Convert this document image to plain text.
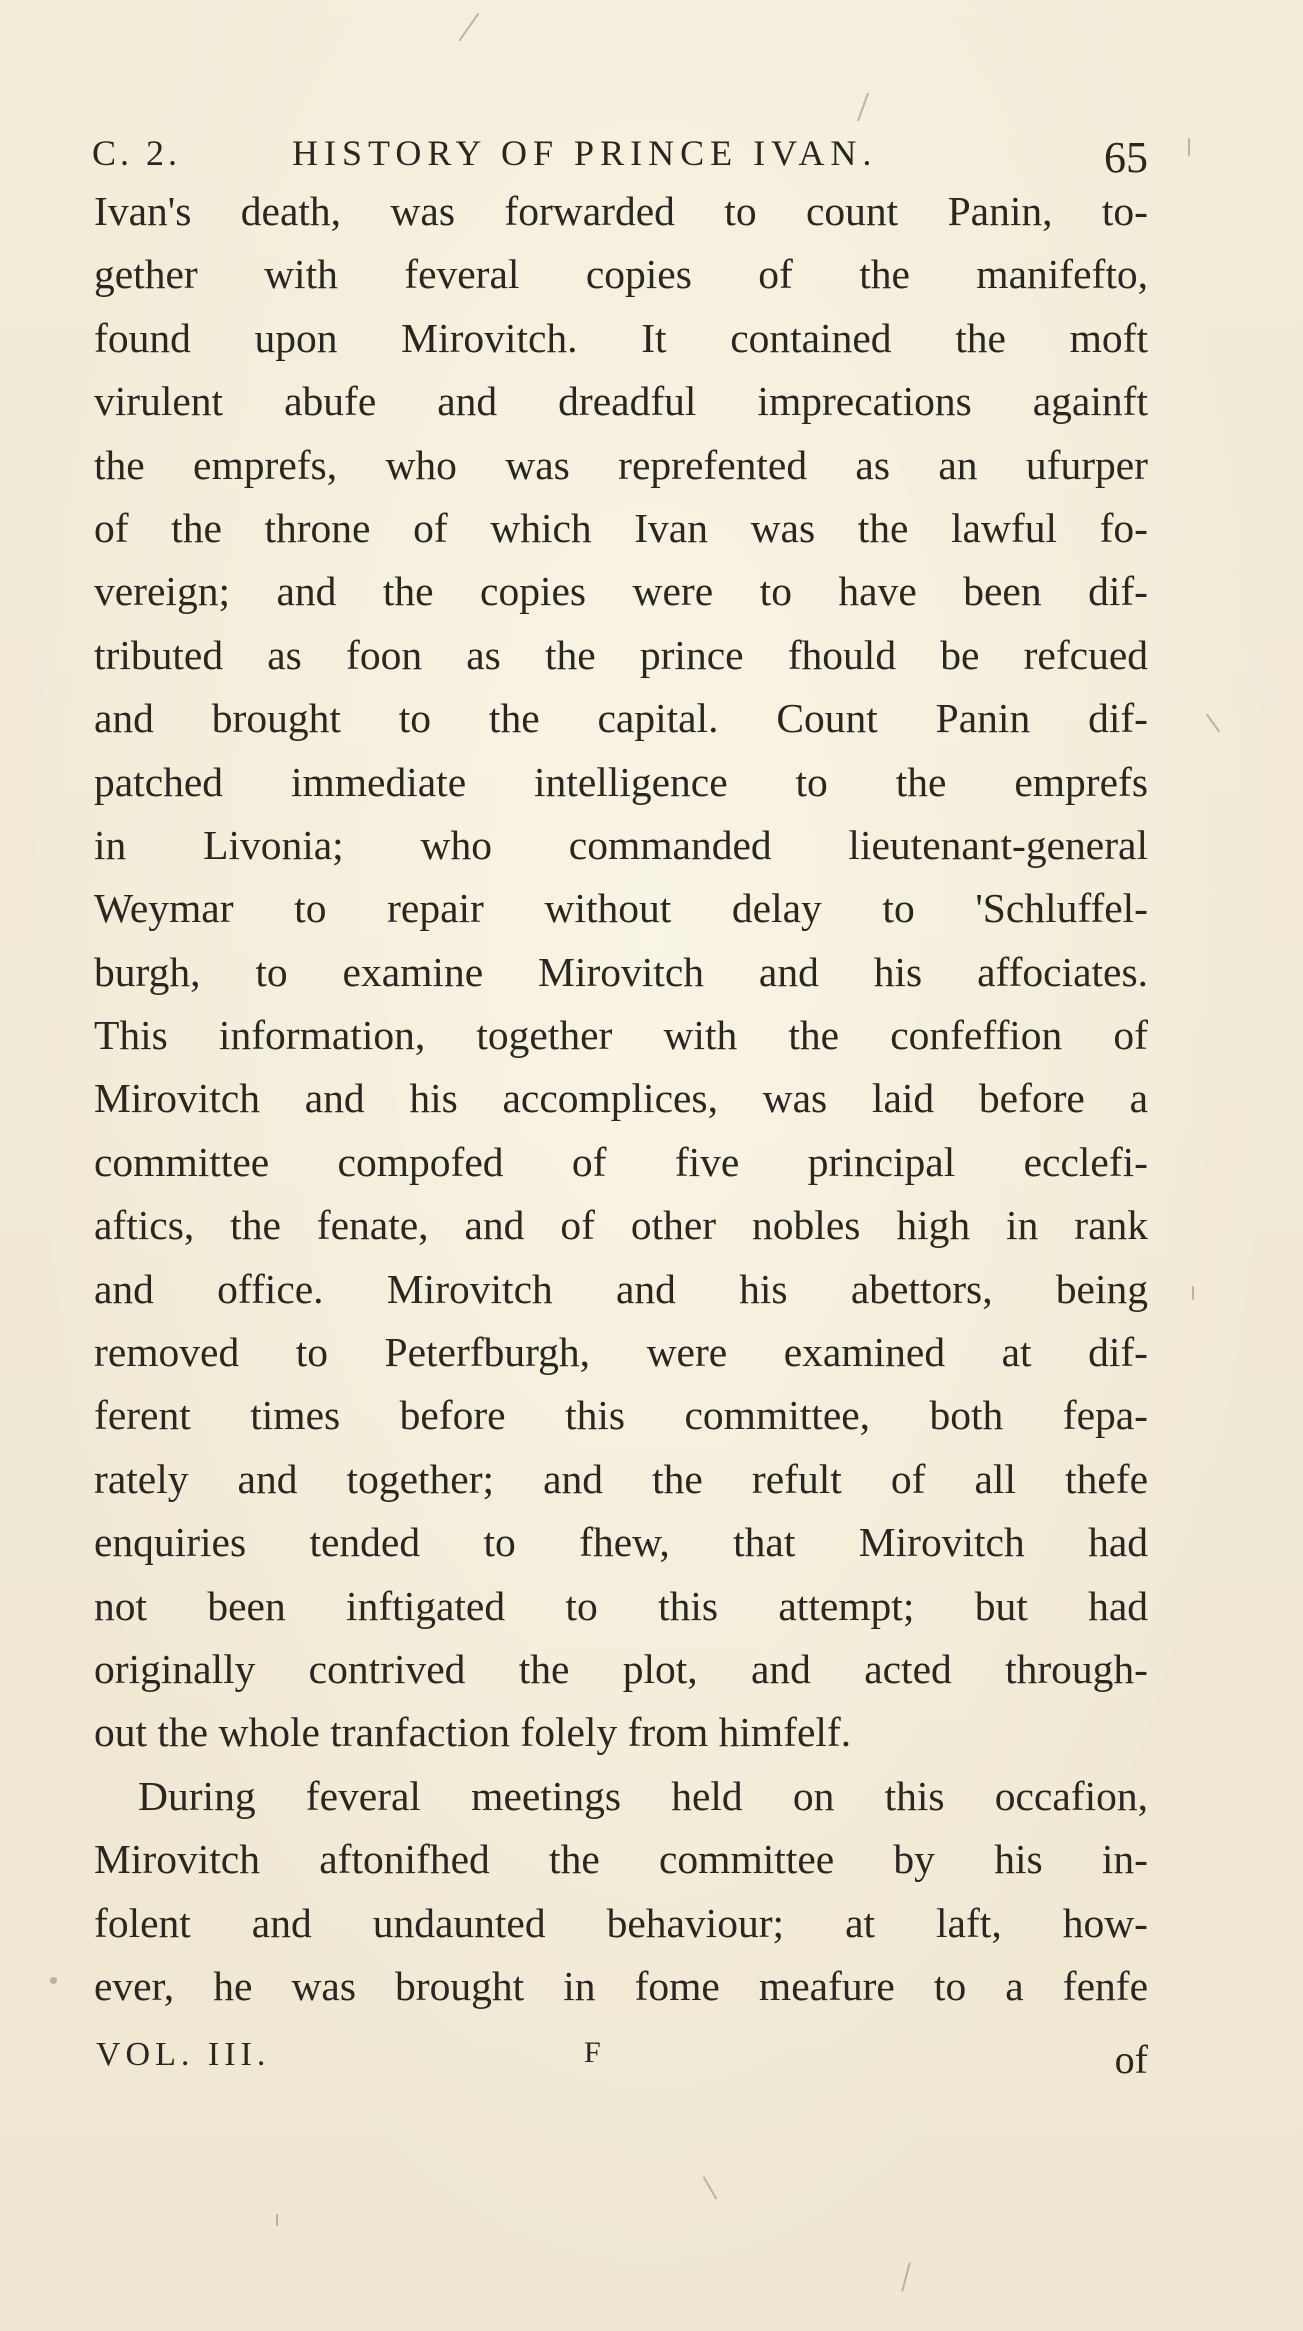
C. 2.	HISTORY OF PRINCE IVAN.	65
Ivan's death, was forwarded to count Panin, to-
gether with feveral copies of the manifefto,
found upon Mirovitch. It contained the moft
virulent abufe and dreadful imprecations againft
the emprefs, who was reprefented as an ufurper
of the throne of which Ivan was the lawful fo-
vereign; and the copies were to have been dif-
tributed as foon as the prince fhould be refcued
and brought to the capital. Count Panin dif-
patched immediate intelligence to the emprefs
in Livonia; who commanded lieutenant-general
Weymar to repair without delay to 'Schluffel-
burgh, to examine Mirovitch and his affociates.
This information, together with the confeffion of
Mirovitch and his accomplices, was laid before a
committee compofed of five principal ecclefi-
aftics, the fenate, and of other nobles high in rank
and office. Mirovitch and his abettors, being
removed to Peterfburgh, were examined at dif-
ferent times before this committee, both fepa-
rately and together; and the refult of all thefe
enquiries tended to fhew, that Mirovitch had
not been inftigated to this attempt; but had
originally contrived the plot, and acted through-
out the whole tranfaction folely from himfelf.
During feveral meetings held on this occafion,
Mirovitch aftonifhed the committee by his in-
folent and undaunted behaviour; at laft, how-
ever, he was brought in fome meafure to a fenfe
VOL. III.	F	of
